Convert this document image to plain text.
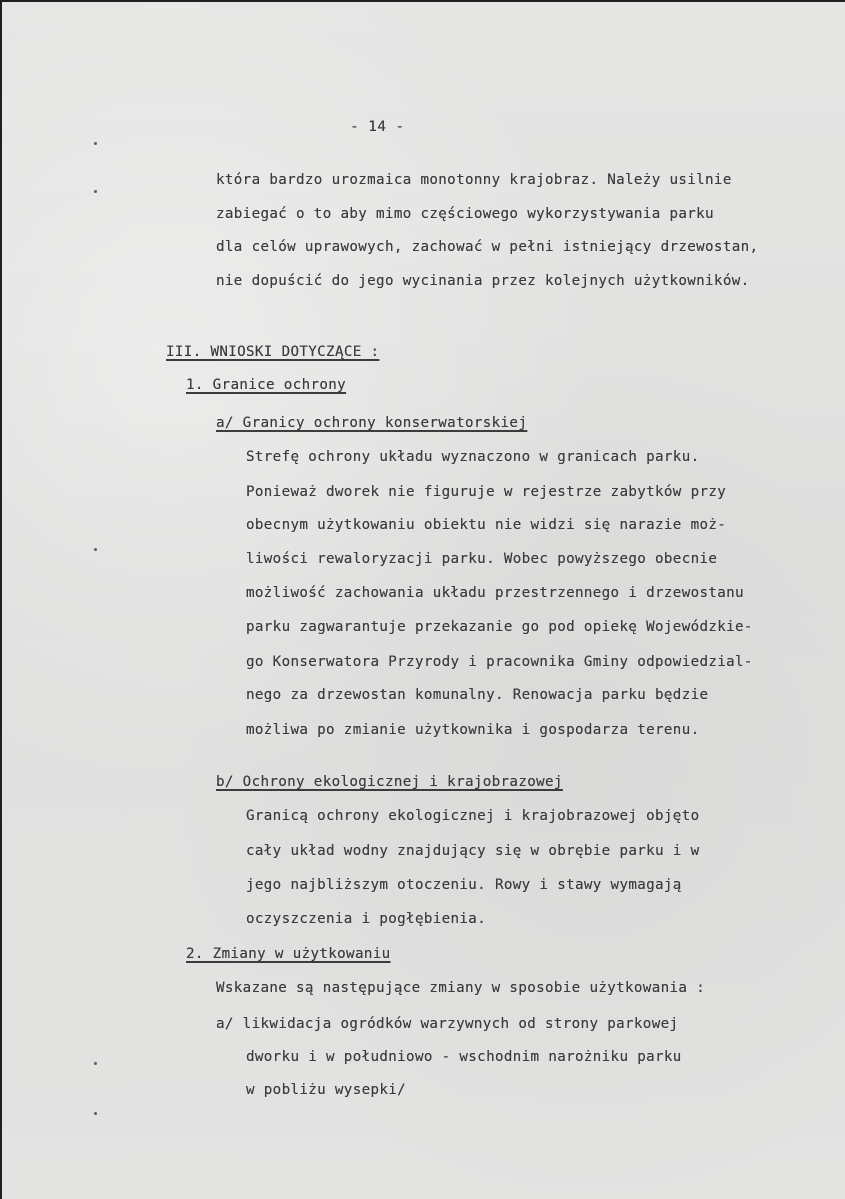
- 14 -
która bardzo urozmaica monotonny krajobraz. Należy usilnie
zabiegać o to aby mimo częściowego wykorzystywania parku
dla celów uprawowych, zachować w pełni istniejący drzewostan,
nie dopuścić do jego wycinania przez kolejnych użytkowników.
III. WNIOSKI DOTYCZĄCE :
1. Granice ochrony
a/ Granicy ochrony konserwatorskiej
Strefę ochrony układu wyznaczono w granicach parku.
Ponieważ dworek nie figuruje w rejestrze zabytków przy
obecnym użytkowaniu obiektu nie widzi się narazie moż-
liwości rewaloryzacji parku. Wobec powyższego obecnie
możliwość zachowania układu przestrzennego i drzewostanu
parku zagwarantuje przekazanie go pod opiekę Wojewódzkie-
go Konserwatora Przyrody i pracownika Gminy odpowiedzial-
nego za drzewostan komunalny. Renowacja parku będzie
możliwa po zmianie użytkownika i gospodarza terenu.
b/ Ochrony ekologicznej i krajobrazowej
Granicą ochrony ekologicznej i krajobrazowej objęto
cały układ wodny znajdujący się w obrębie parku i w
jego najbliższym otoczeniu. Rowy i stawy wymagają
oczyszczenia i pogłębienia.
2. Zmiany w użytkowaniu
Wskazane są następujące zmiany w sposobie użytkowania :
a/ likwidacja ogródków warzywnych od strony parkowej
dworku i w południowo - wschodnim narożniku parku
w pobliżu wysepki/
